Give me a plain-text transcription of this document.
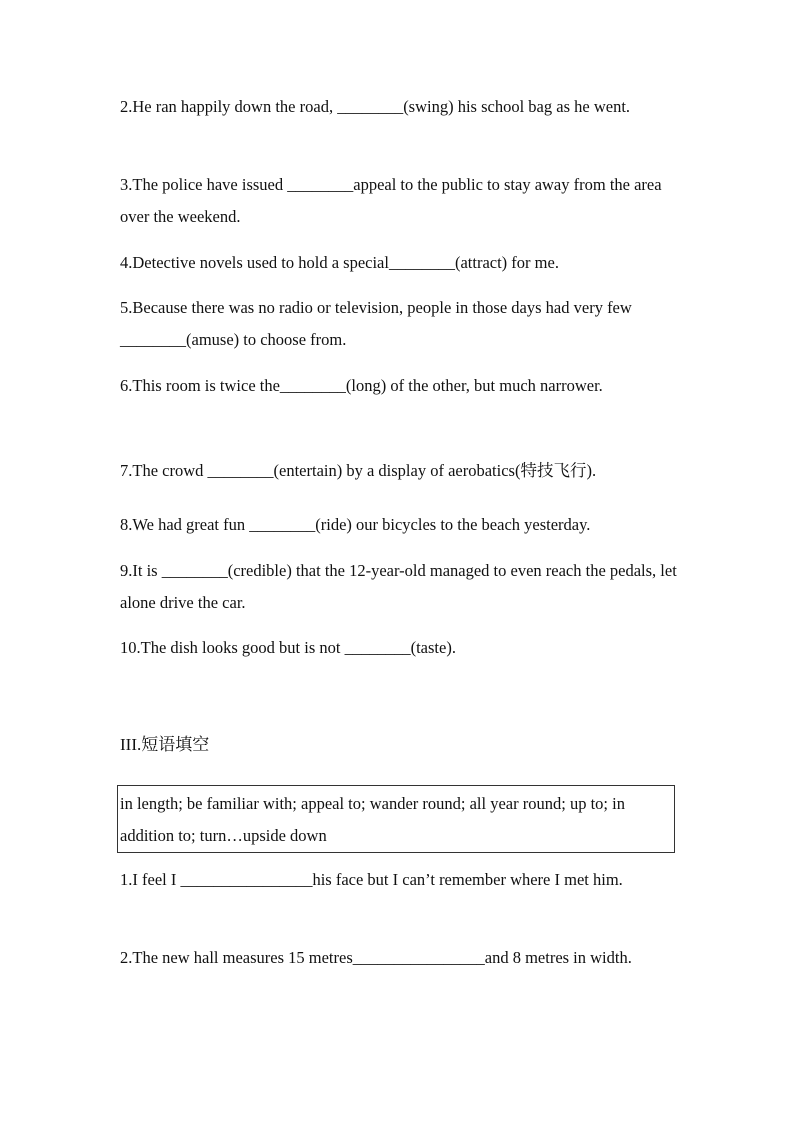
2.He ran happily down the road, ________(swing) his school bag as he went.

3.The police have issued ________appeal to the public to stay away from the area over the weekend.

4.Detective novels used to hold a special________(attract) for me.

5.Because there was no radio or television, people in those days had very few ________(amuse) to choose from.

6.This room is twice the________(long) of the other, but much narrower.

7.The crowd ________(entertain) by a display of aerobatics(特技飞行).

8.We had great fun ________(ride) our bicycles to the beach yesterday.

9.It is ________(credible) that the 12-year-old managed to even reach the pedals, let alone drive the car.

10.The dish looks good but is not ________(taste).

III.短语填空

in length; be familiar with; appeal to; wander round; all year round; up to; in addition to; turn…upside down

1.I feel I ________________his face but I can’t remember where I met him.

2.The new hall measures 15 metres________________and 8 metres in width.
